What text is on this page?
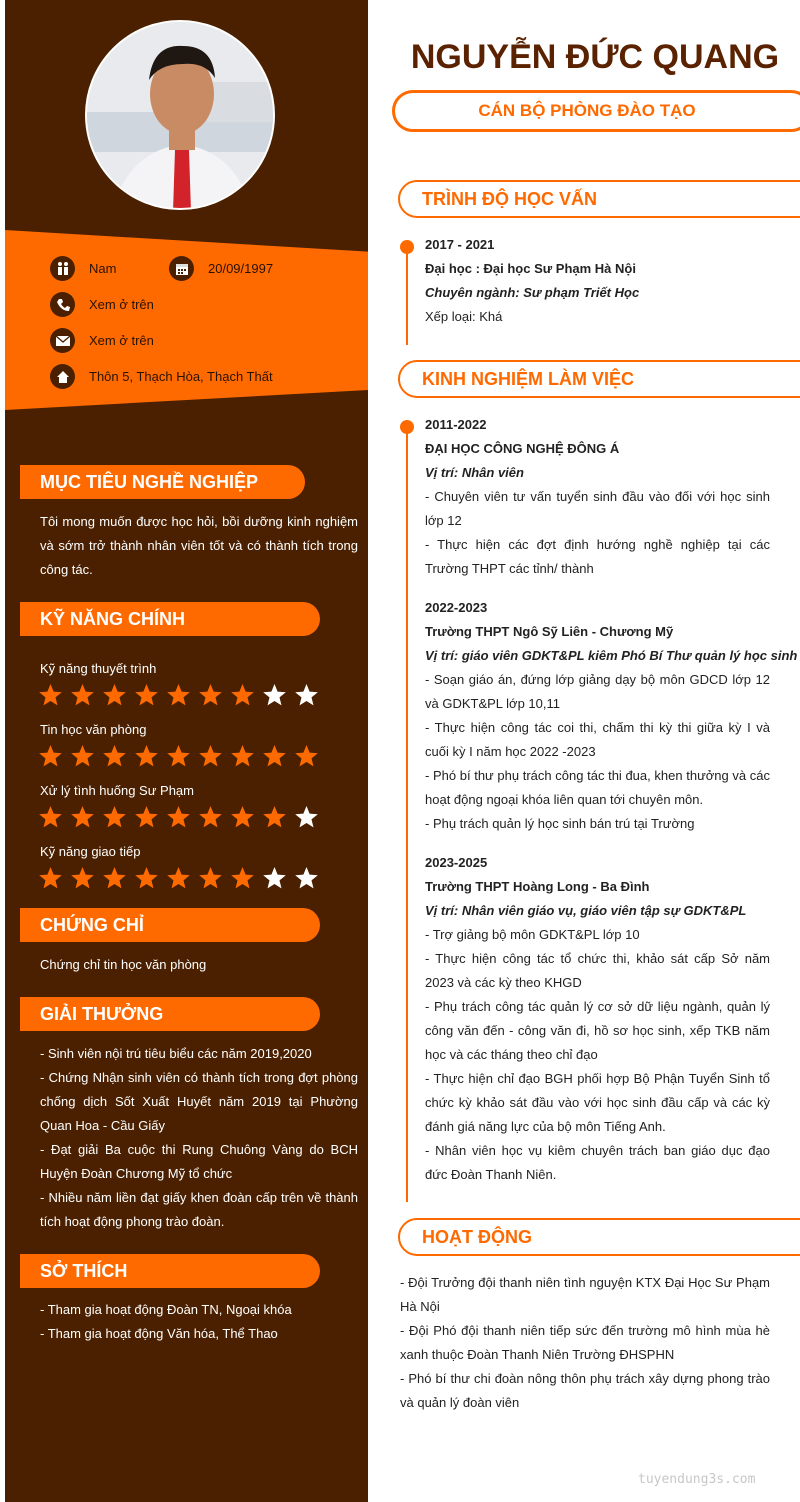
Nam	20/09/1997
Xem ở trên
Xem ở trên
Thôn 5, Thạch Hòa, Thạch Thất
MỤC TIÊU NGHỀ NGHIỆP
Tôi mong muốn được học hỏi, bồi dưỡng kinh nghiệm và sớm trở thành nhân viên tốt và có thành tích trong công tác.
KỸ NĂNG CHÍNH
Kỹ năng thuyết trình
Tin học văn phòng
Xử lý tình huống Sư Phạm
Kỹ năng giao tiếp
CHỨNG CHỈ
Chứng chỉ tin học văn phòng
GIẢI THƯỞNG
- Sinh viên nội trú tiêu biểu các năm 2019,2020
- Chứng Nhận sinh viên có thành tích trong đợt phòng chống dịch Sốt Xuất Huyết năm 2019 tại Phường Quan Hoa - Cầu Giấy
- Đạt giải Ba cuộc thi Rung Chuông Vàng do BCH Huyện Đoàn Chương Mỹ tổ chức
- Nhiều năm liền đạt giấy khen đoàn cấp trên về thành tích hoạt động phong trào đoàn.
SỞ THÍCH
- Tham gia hoạt động Đoàn TN, Ngoại khóa
- Tham gia hoạt động Văn hóa, Thể Thao
NGUYỄN ĐỨC QUANG
CÁN BỘ PHÒNG ĐÀO TẠO
TRÌNH ĐỘ HỌC VẤN
2017 - 2021
Đại học : Đại học Sư Phạm Hà Nội
Chuyên ngành: Sư phạm Triết Học
Xếp loại: Khá
KINH NGHIỆM LÀM VIỆC
2011-2022
ĐẠI HỌC CÔNG NGHỆ ĐÔNG Á
Vị trí: Nhân viên
- Chuyên viên tư vấn tuyển sinh đầu vào đối với học sinh lớp 12
- Thực hiện các đợt định hướng nghề nghiệp tại các Trường THPT các tỉnh/ thành
2022-2023
Trường THPT Ngô Sỹ Liên - Chương Mỹ
Vị trí: giáo viên GDKT&PL kiêm Phó Bí Thư quản lý học sinh
- Soạn giáo án, đứng lớp giảng dạy bộ môn GDCD lớp 12 và GDKT&PL lớp 10,11
- Thực hiện công tác coi thi, chấm thi kỳ thi giữa kỳ I và cuối kỳ I năm học 2022 -2023
- Phó bí thư phụ trách công tác thi đua, khen thưởng và các hoạt động ngoại khóa liên quan tới chuyên môn.
- Phụ trách quản lý học sinh bán trú tại Trường
2023-2025
Trường THPT Hoàng Long - Ba Đình
Vị trí: Nhân viên giáo vụ, giáo viên tập sự GDKT&PL
- Trợ giảng bộ môn GDKT&PL lớp 10
- Thực hiện công tác tổ chức thi, khảo sát cấp Sở năm 2023 và các kỳ theo KHGD
- Phụ trách công tác quản lý cơ sở dữ liệu ngành, quản lý công văn đến - công văn đi, hồ sơ học sinh, xếp TKB năm học và các tháng theo chỉ đạo
- Thực hiện chỉ đạo BGH phối hợp Bộ Phận Tuyển Sinh tổ chức kỳ khảo sát đầu vào với học sinh đầu cấp và các kỳ đánh giá năng lực của bộ môn Tiếng Anh.
- Nhân viên học vụ kiêm chuyên trách ban giáo dục đạo đức Đoàn Thanh Niên.
HOẠT ĐỘNG
- Đội Trưởng đội thanh niên tình nguyện KTX Đại Học Sư Phạm Hà Nội
- Đội Phó đội thanh niên tiếp sức đến trường mô hình mùa hè xanh thuộc Đoàn Thanh Niên Trường ĐHSPHN
- Phó bí thư chi đoàn nông thôn phụ trách xây dựng phong trào và quản lý đoàn viên
tuyendung3s.com
